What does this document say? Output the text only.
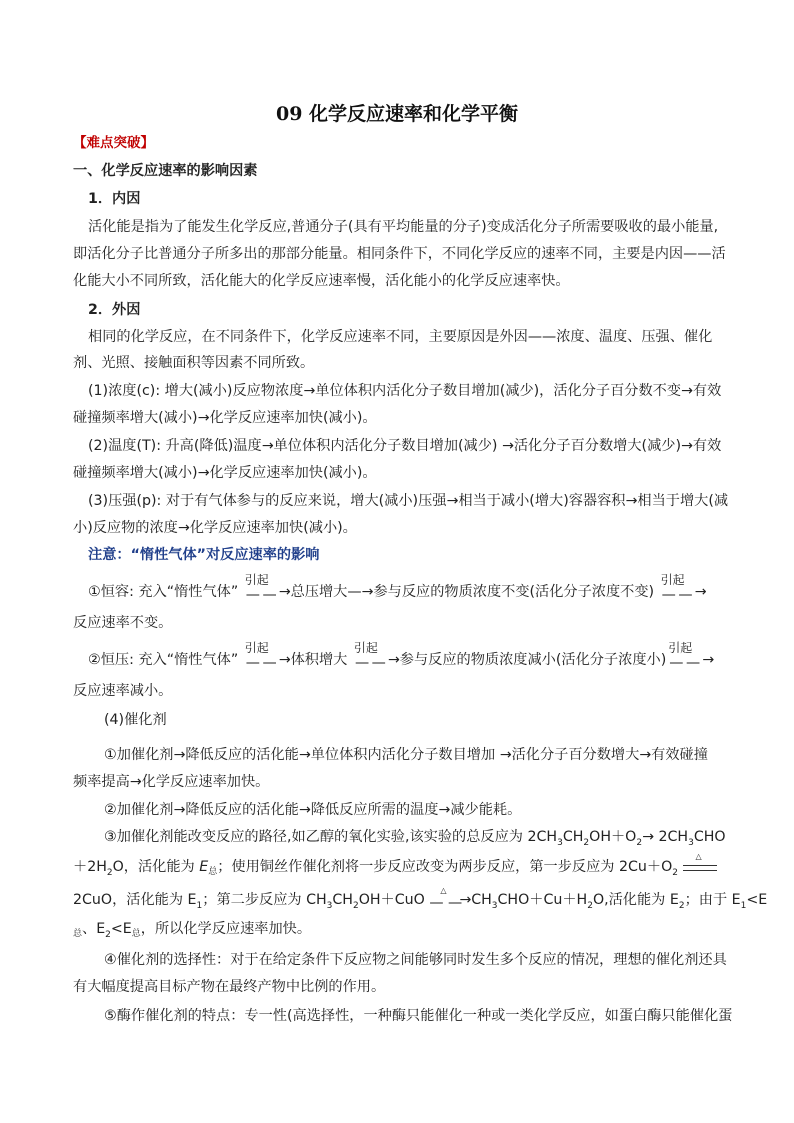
09 化学反应速率和化学平衡
【难点突破】
一、化学反应速率的影响因素
1．内因
活化能是指为了能发生化学反应,普通分子(具有平均能量的分子)变成活化分子所需要吸收的最小能量,
即活化分子比普通分子所多出的那部分能量。相同条件下，不同化学反应的速率不同，主要是内因——活
化能大小不同所致，活化能大的化学反应速率慢，活化能小的化学反应速率快。
2．外因
相同的化学反应，在不同条件下，化学反应速率不同，主要原因是外因——浓度、温度、压强、催化
剂、光照、接触面积等因素不同所致。
(1)浓度(c): 增大(减小)反应物浓度→单位体积内活化分子数目增加(减少)，活化分子百分数不变→有效
碰撞频率增大(减小)→化学反应速率加快(减小)。
(2)温度(T): 升高(降低)温度→单位体积内活化分子数目增加(减少) →活化分子百分数增大(减少)→有效
碰撞频率增大(减小)→化学反应速率加快(减小)。
(3)压强(p): 对于有气体参与的反应来说，增大(减小)压强→相当于减小(增大)容器容积→相当于增大(减
小)反应物的浓度→化学反应速率加快(减小)。
注意：“惰性气体”对反应速率的影响
①恒容: 充入“惰性气体”
引起
— — →总压增大—→参与反应的物质浓度不变(活化分子浓度不变)
引起
— — →
反应速率不变。
②恒压: 充入“惰性气体”
引起
— — →体积增大
引起
— — →参与反应的物质浓度减小(活化分子浓度小)
引起
— — →
反应速率减小。
(4)催化剂
①加催化剂→降低反应的活化能→单位体积内活化分子数目增加 →活化分子百分数增大→有效碰撞
频率提高→化学反应速率加快。
②加催化剂→降低反应的活化能→降低反应所需的温度→减少能耗。
③加催化剂能改变反应的路径,如乙醇的氧化实验,该实验的总反应为 $2CH_3CH_2OH+O_2\to 2CH_3CHO$
$+2H_2O$，活化能为 $E_总$；使用铜丝作催化剂将一步反应改变为两步反应，第一步反应为 $2Cu+O_2$
△
2CuO，活化能为 $E_1$；第二步反应为 $CH_3CH_2OH+CuO$
△
— —
$\to CH_3CHO+Cu+H_2O$,活化能为 $E_2$；由于 $E_1<E$
$_总$、$E_2<E_总$，所以化学反应速率加快。
④催化剂的选择性：对于在给定条件下反应物之间能够同时发生多个反应的情况，理想的催化剂还具
有大幅度提高目标产物在最终产物中比例的作用。
⑤酶作催化剂的特点：专一性(高选择性，一种酶只能催化一种或一类化学反应，如蛋白酶只能催化蛋
